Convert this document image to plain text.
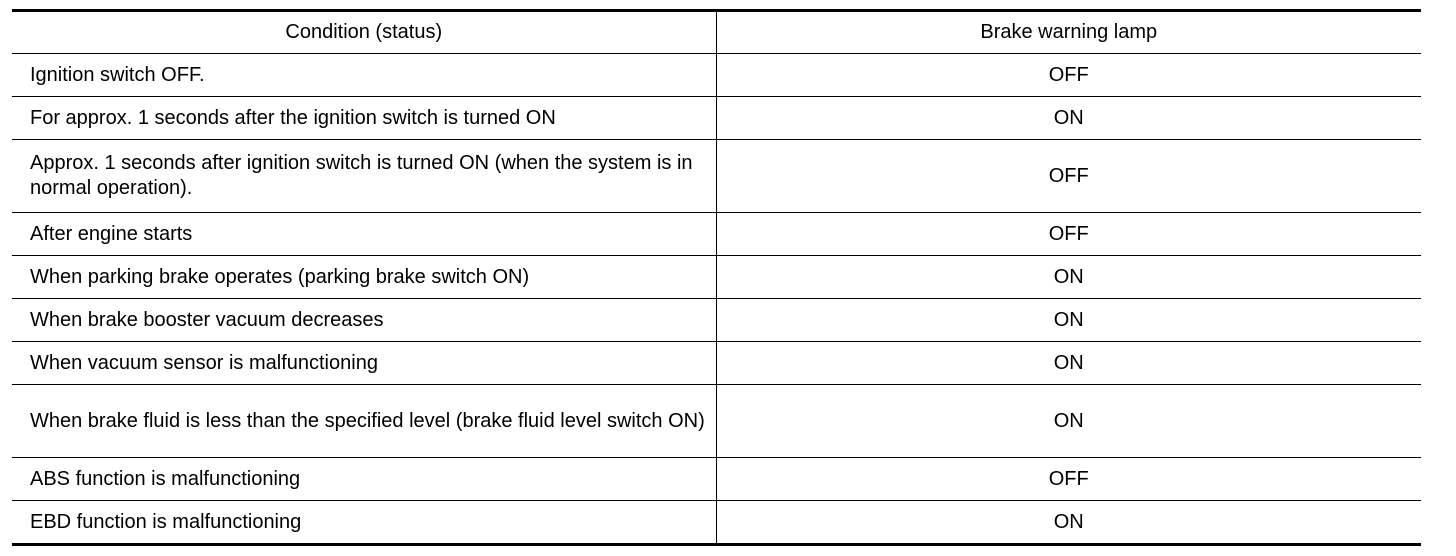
Condition (status)	Brake warning lamp
Ignition switch OFF.	OFF
For approx. 1 seconds after the ignition switch is turned ON	ON
Approx. 1 seconds after ignition switch is turned ON (when the system is in normal operation).	OFF
After engine starts	OFF
When parking brake operates (parking brake switch ON)	ON
When brake booster vacuum decreases	ON
When vacuum sensor is malfunctioning	ON
When brake fluid is less than the specified level (brake fluid level switch ON)	ON
ABS function is malfunctioning	OFF
EBD function is malfunctioning	ON
